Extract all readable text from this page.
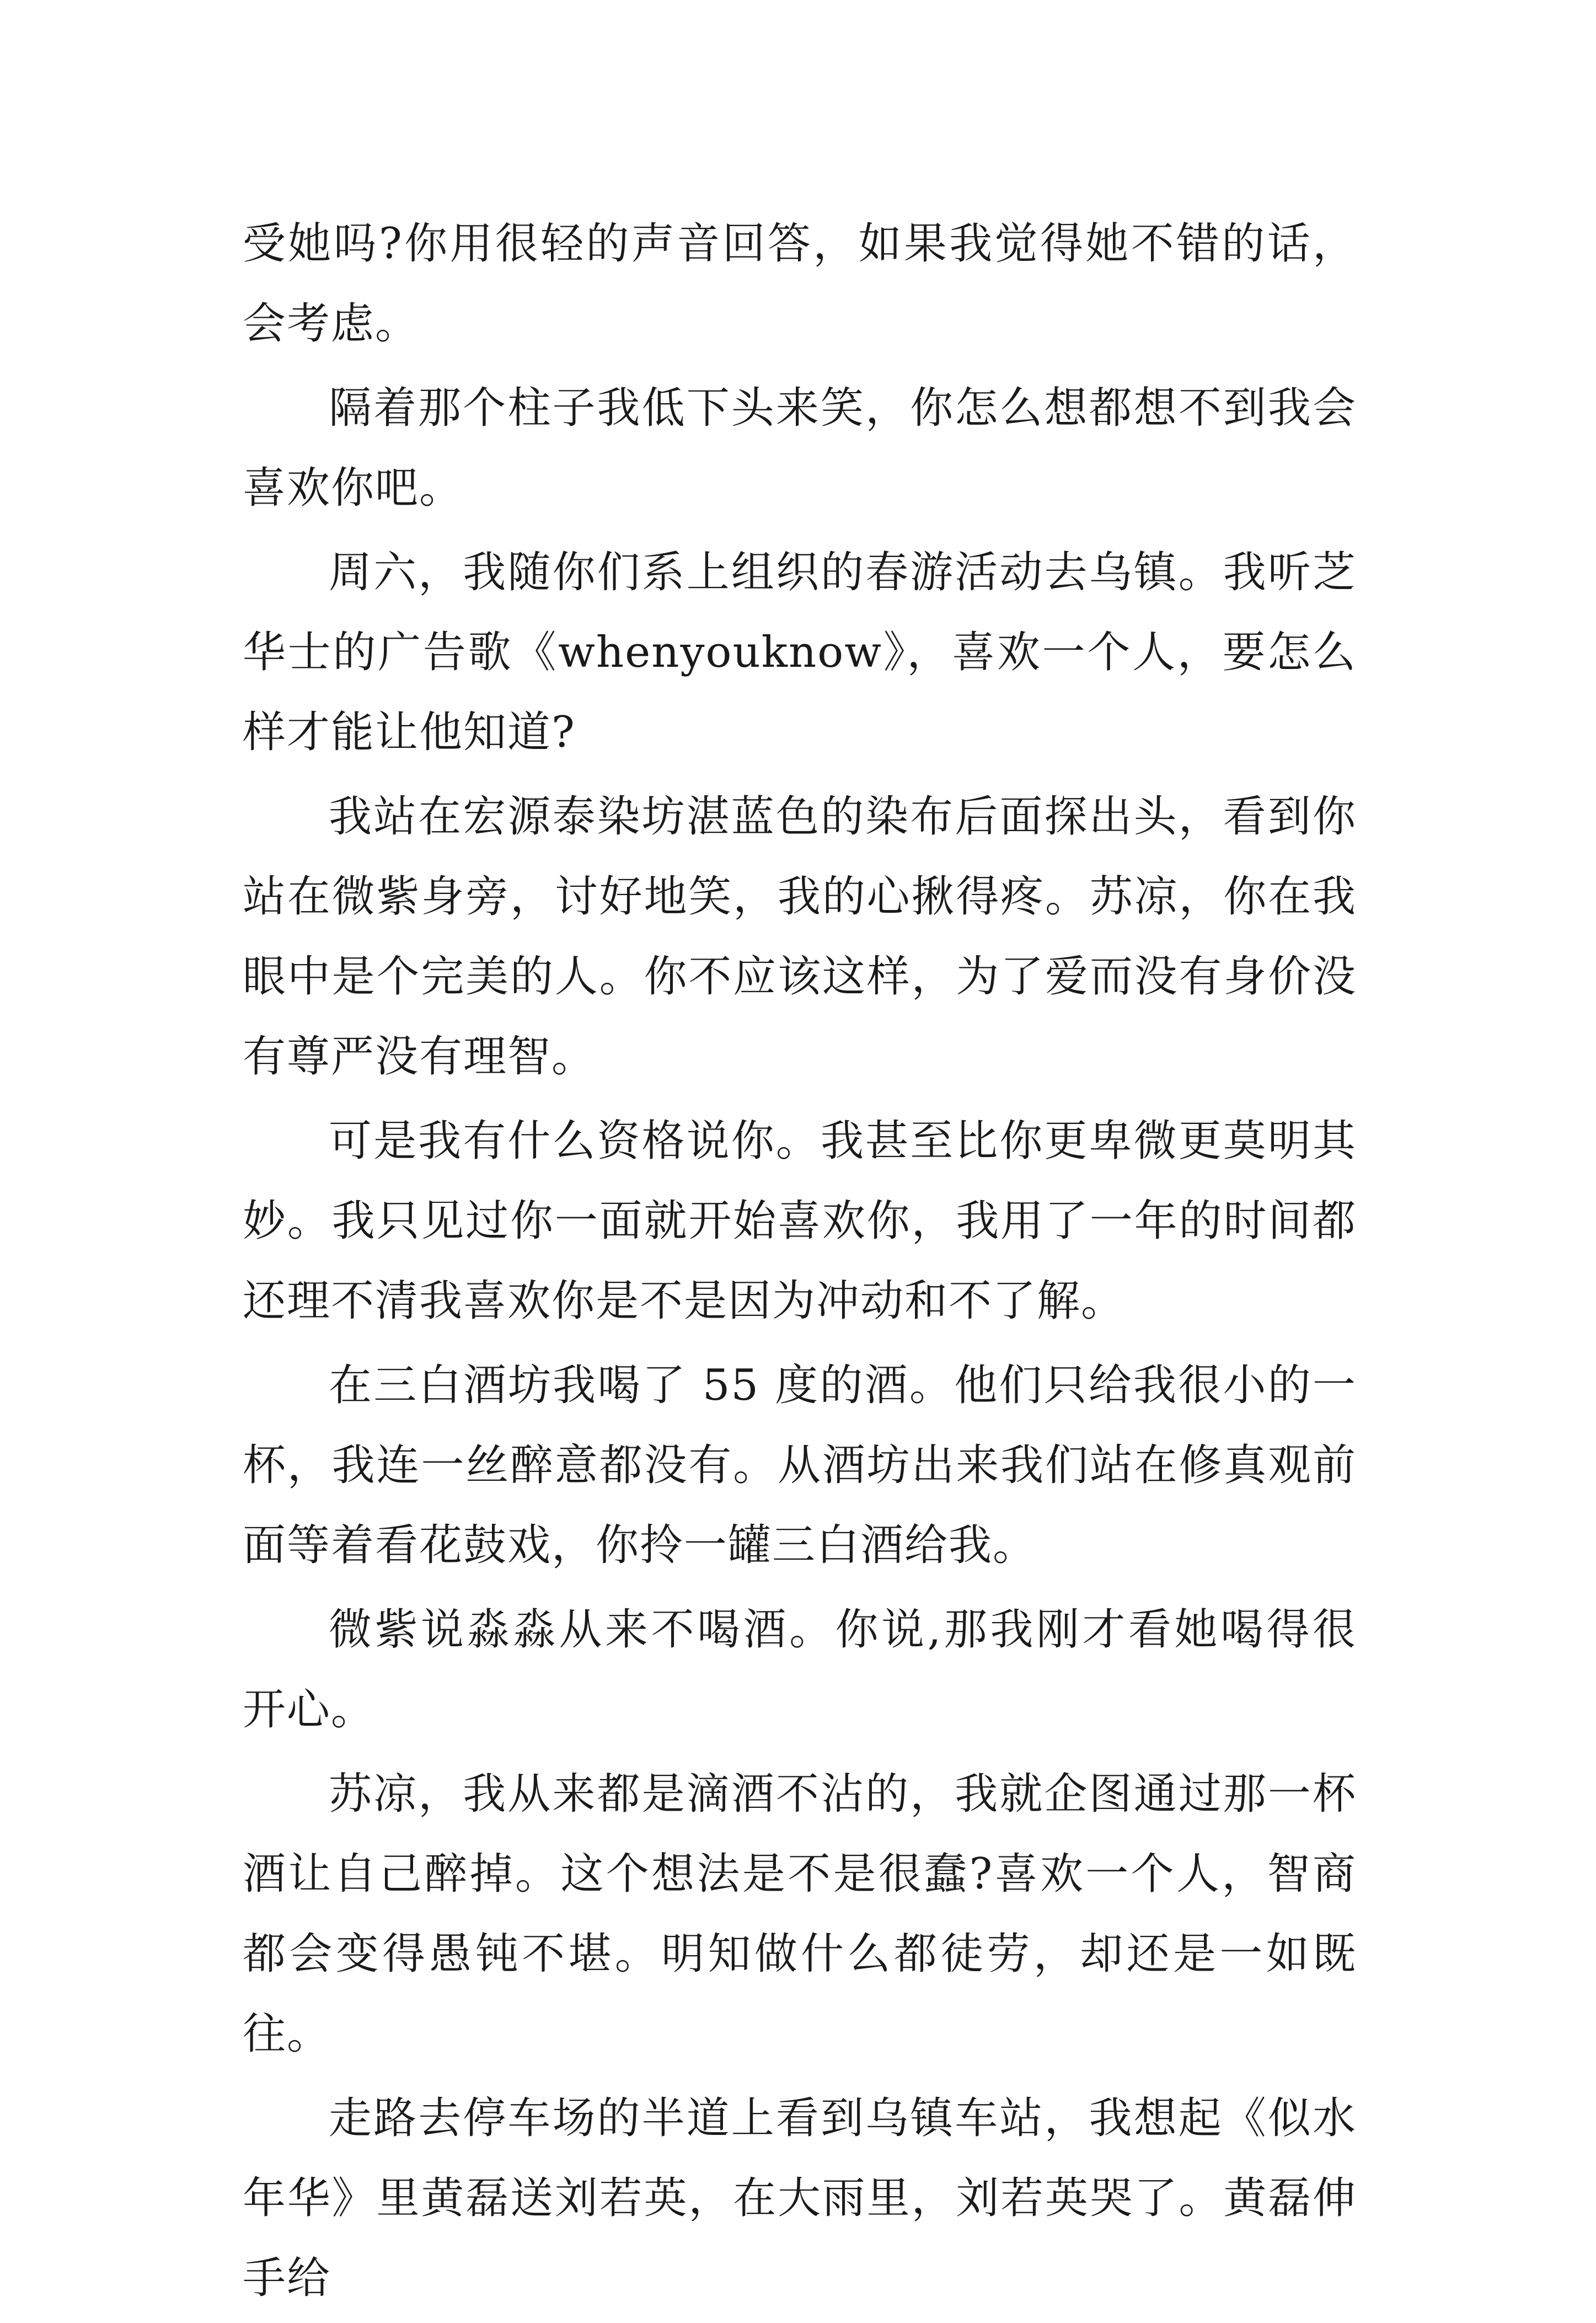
受她吗?你用很轻的声音回答，如果我觉得她不错的话，会考虑。

隔着那个柱子我低下头来笑，你怎么想都想不到我会喜欢你吧。

周六，我随你们系上组织的春游活动去乌镇。我听芝华士的广告歌《whenyouknow》，喜欢一个人，要怎么样才能让他知道?

我站在宏源泰染坊湛蓝色的染布后面探出头，看到你站在微紫身旁，讨好地笑，我的心揪得疼。苏凉，你在我眼中是个完美的人。你不应该这样，为了爱而没有身价没有尊严没有理智。

可是我有什么资格说你。我甚至比你更卑微更莫明其妙。我只见过你一面就开始喜欢你，我用了一年的时间都还理不清我喜欢你是不是因为冲动和不了解。

在三白酒坊我喝了 55 度的酒。他们只给我很小的一杯，我连一丝醉意都没有。从酒坊出来我们站在修真观前面等着看花鼓戏，你拎一罐三白酒给我。

微紫说淼淼从来不喝酒。你说,那我刚才看她喝得很开心。

苏凉，我从来都是滴酒不沾的，我就企图通过那一杯酒让自己醉掉。这个想法是不是很蠢?喜欢一个人，智商都会变得愚钝不堪。明知做什么都徒劳，却还是一如既往。

走路去停车场的半道上看到乌镇车站，我想起《似水年华》里黄磊送刘若英，在大雨里，刘若英哭了。黄磊伸手给
